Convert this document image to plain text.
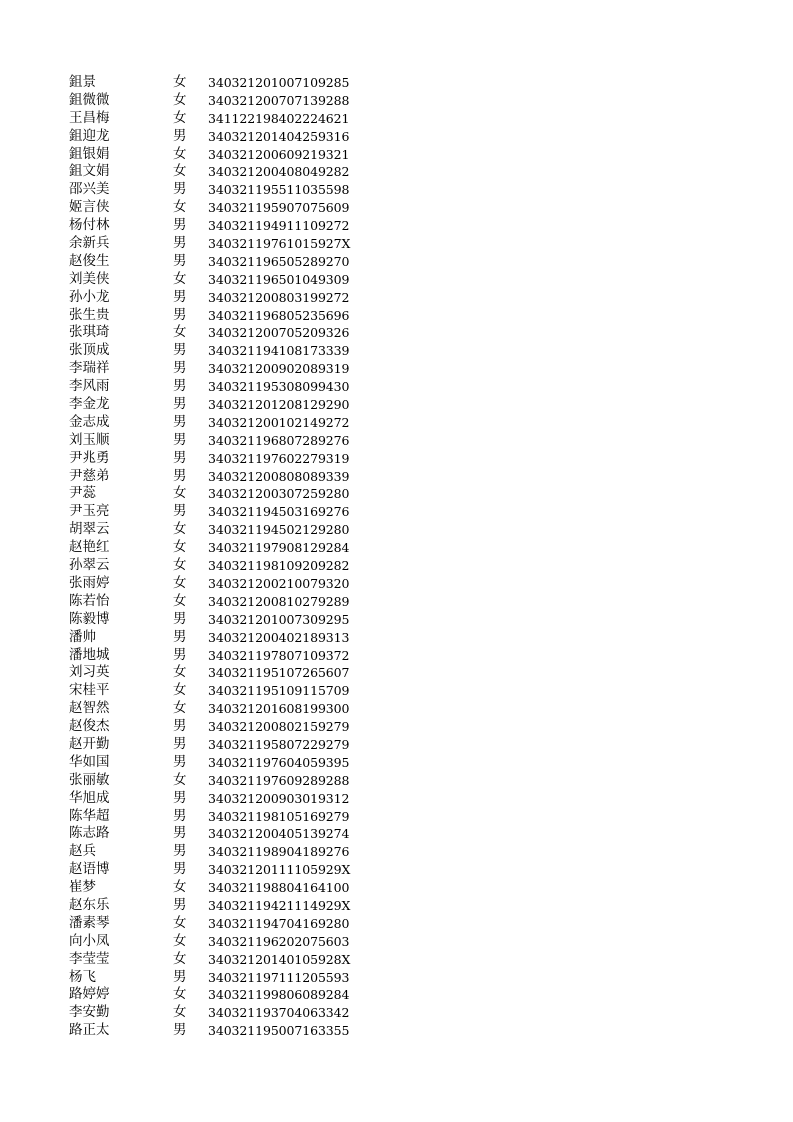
鉏景	女	340321201007109285
鉏微微	女	340321200707139288
王昌梅	女	341122198402224621
鉏迎龙	男	340321201404259316
鉏银娟	女	340321200609219321
鉏文娟	女	340321200408049282
邵兴美	男	340321195511035598
姬言侠	女	340321195907075609
杨付林	男	340321194911109272
余新兵	男	34032119761015927X
赵俊生	男	340321196505289270
刘美侠	女	340321196501049309
孙小龙	男	340321200803199272
张生贵	男	340321196805235696
张琪琦	女	340321200705209326
张顶成	男	340321194108173339
李瑞祥	男	340321200902089319
李风雨	男	340321195308099430
李金龙	男	340321201208129290
金志成	男	340321200102149272
刘玉顺	男	340321196807289276
尹兆勇	男	340321197602279319
尹慈弟	男	340321200808089339
尹蕊	女	340321200307259280
尹玉亮	男	340321194503169276
胡翠云	女	340321194502129280
赵艳红	女	340321197908129284
孙翠云	女	340321198109209282
张雨婷	女	340321200210079320
陈若怡	女	340321200810279289
陈毅博	男	340321201007309295
潘帅	男	340321200402189313
潘地城	男	340321197807109372
刘习英	女	340321195107265607
宋桂平	女	340321195109115709
赵智然	女	340321201608199300
赵俊杰	男	340321200802159279
赵开勤	男	340321195807229279
华如国	男	340321197604059395
张丽敏	女	340321197609289288
华旭成	男	340321200903019312
陈华超	男	340321198105169279
陈志路	男	340321200405139274
赵兵	男	340321198904189276
赵语博	男	34032120111105929X
崔梦	女	340321198804164100
赵东乐	男	34032119421114929X
潘素琴	女	340321194704169280
向小凤	女	340321196202075603
李莹莹	女	34032120140105928X
杨飞	男	340321197111205593
路婷婷	女	340321199806089284
李安勤	女	340321193704063342
路正太	男	340321195007163355
